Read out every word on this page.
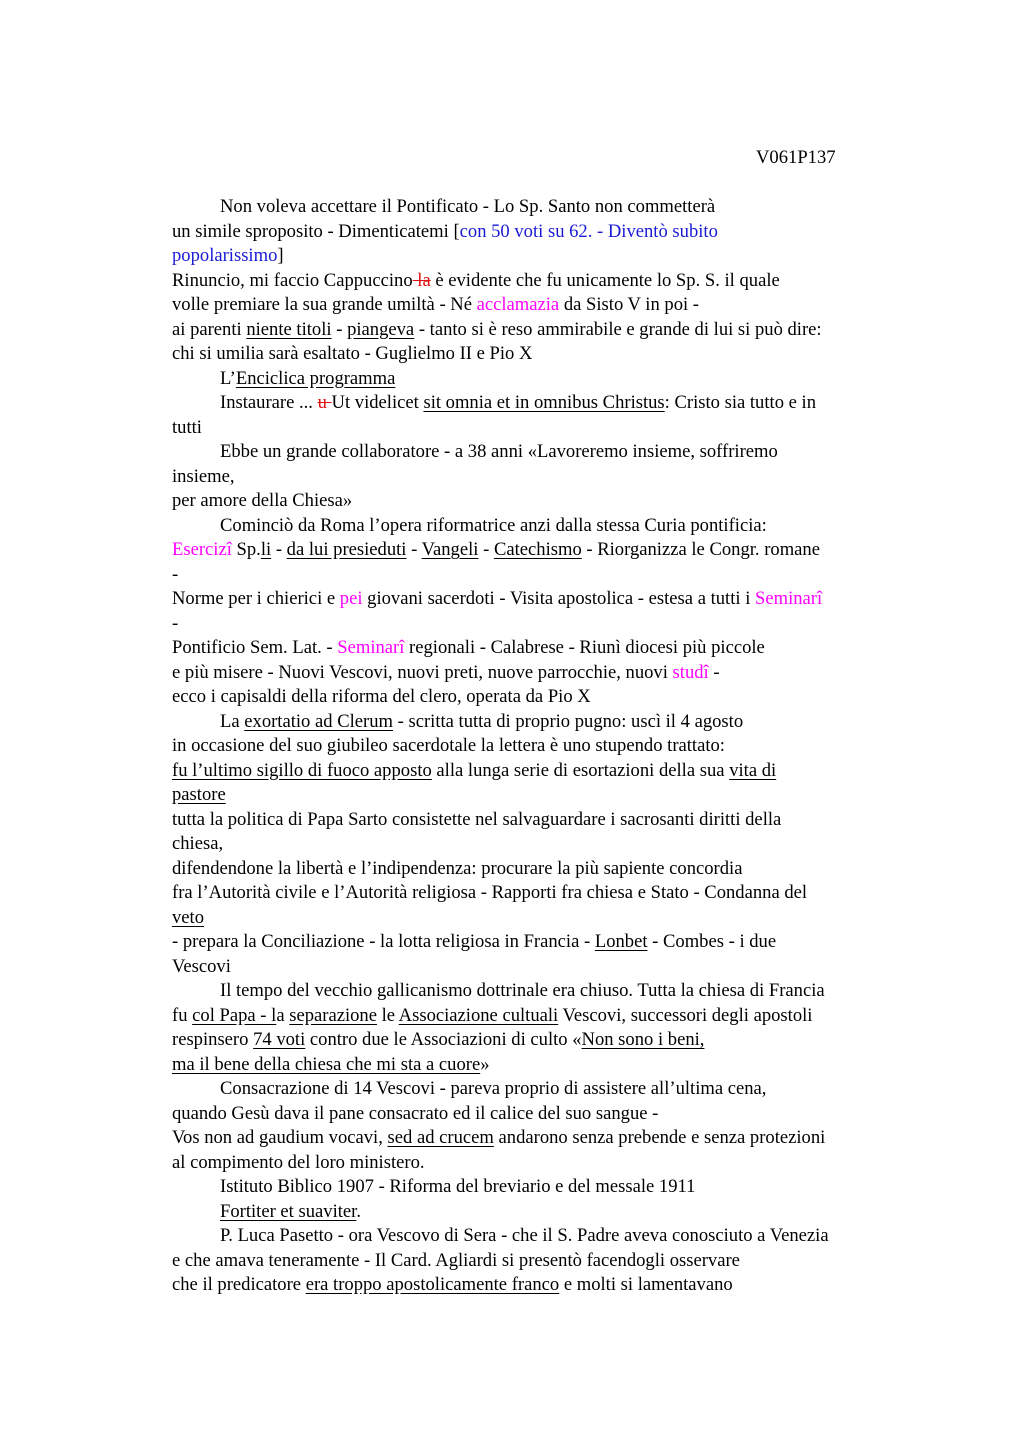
V061P137
Non voleva accettare il Pontificato - Lo Sp. Santo non commetterà
un simile sproposito - Dimenticatemi [con 50 voti su 62. - Diventò subito
popolarissimo]
Rinuncio, mi faccio Cappuccino la è evidente che fu unicamente lo Sp. S. il quale
volle premiare la sua grande umiltà - Né acclamazia da Sisto V in poi -
ai parenti niente titoli - piangeva - tanto si è reso ammirabile e grande di lui si può dire:
chi si umilia sarà esaltato - Guglielmo II e Pio X
L’Enciclica programma
Instaurare ... u Ut videlicet sit omnia et in omnibus Christus: Cristo sia tutto e in
tutti
Ebbe un grande collaboratore - a 38 anni «Lavoreremo insieme, soffriremo
insieme,
per amore della Chiesa»
Cominciò da Roma l’opera riformatrice anzi dalla stessa Curia pontificia:
Esercizî Sp.li - da lui presieduti - Vangeli - Catechismo - Riorganizza le Congr. romane
-
Norme per i chierici e pei giovani sacerdoti - Visita apostolica - estesa a tutti i Seminarî
-
Pontificio Sem. Lat. - Seminarî regionali - Calabrese - Riunì diocesi più piccole
e più misere - Nuovi Vescovi, nuovi preti, nuove parrocchie, nuovi studî -
ecco i capisaldi della riforma del clero, operata da Pio X
La exortatio ad Clerum - scritta tutta di proprio pugno: uscì il 4 agosto
in occasione del suo giubileo sacerdotale la lettera è uno stupendo trattato:
fu l’ultimo sigillo di fuoco apposto alla lunga serie di esortazioni della sua vita di
pastore
tutta la politica di Papa Sarto consistette nel salvaguardare i sacrosanti diritti della
chiesa,
difendendone la libertà e l’indipendenza: procurare la più sapiente concordia
fra l’Autorità civile e l’Autorità religiosa - Rapporti fra chiesa e Stato - Condanna del
veto
- prepara la Conciliazione - la lotta religiosa in Francia - Lonbet - Combes - i due
Vescovi
Il tempo del vecchio gallicanismo dottrinale era chiuso. Tutta la chiesa di Francia
fu col Papa - la separazione le Associazione cultuali Vescovi, successori degli apostoli
respinsero 74 voti contro due le Associazioni di culto «Non sono i beni,
ma il bene della chiesa che mi sta a cuore»
Consacrazione di 14 Vescovi - pareva proprio di assistere all’ultima cena,
quando Gesù dava il pane consacrato ed il calice del suo sangue -
Vos non ad gaudium vocavi, sed ad crucem andarono senza prebende e senza protezioni
al compimento del loro ministero.
Istituto Biblico 1907 - Riforma del breviario e del messale 1911
Fortiter et suaviter.
P. Luca Pasetto - ora Vescovo di Sera - che il S. Padre aveva conosciuto a Venezia
e che amava teneramente - Il Card. Agliardi si presentò facendogli osservare
che il predicatore era troppo apostolicamente franco e molti si lamentavano
